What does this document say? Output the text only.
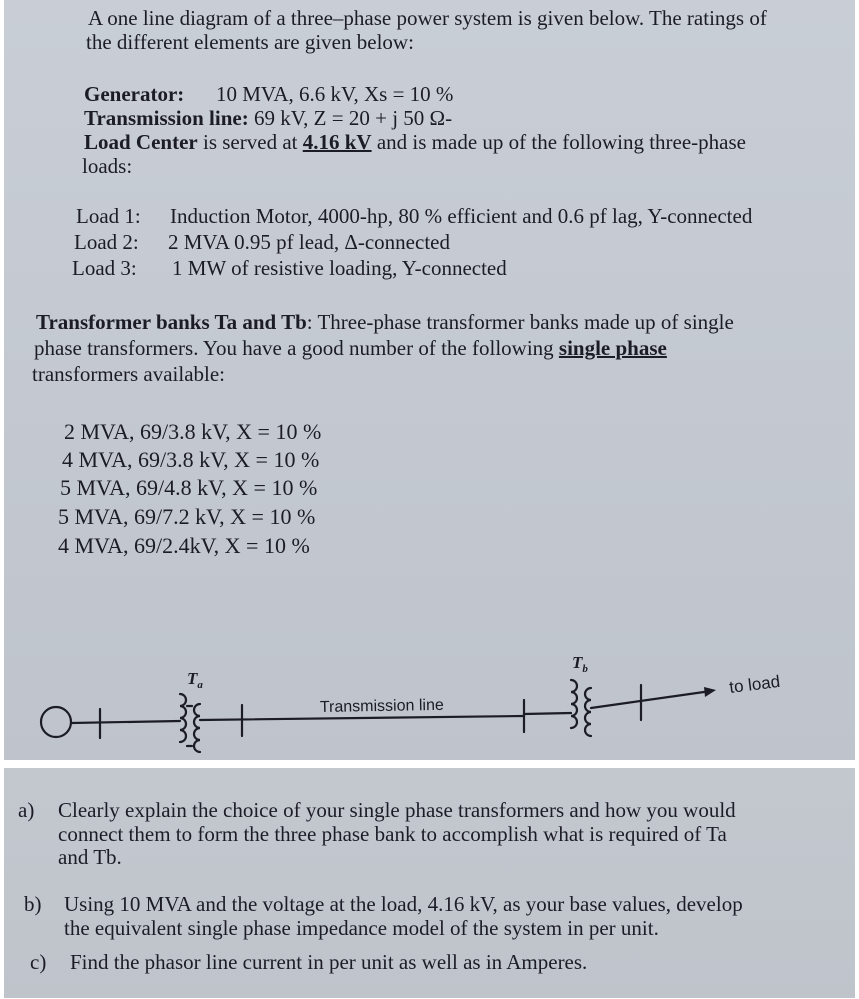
A one line diagram of a three–phase power system is given below. The ratings of
the different elements are given below:
Generator: 10 MVA, 6.6 kV, Xs = 10 %
Transmission line: 69 kV, Z = 20 + j 50 Ω-
Load Center is served at 4.16 kV and is made up of the following three-phase
loads:
Load 1: Induction Motor, 4000-hp, 80 % efficient and 0.6 pf lag, Y-connected
Load 2: 2 MVA 0.95 pf lead, Δ-connected
Load 3: 1 MW of resistive loading, Y-connected
Transformer banks Ta and Tb: Three-phase transformer banks made up of single
phase transformers. You have a good number of the following single phase
transformers available:
2 MVA, 69/3.8 kV, X = 10 %
4 MVA, 69/3.8 kV, X = 10 %
5 MVA, 69/4.8 kV, X = 10 %
5 MVA, 69/7.2 kV, X = 10 %
4 MVA, 69/2.4kV, X = 10 %
$T_a$
$T_b$
Transmission line
to load
a) Clearly explain the choice of your single phase transformers and how you would
connect them to form the three phase bank to accomplish what is required of Ta
and Tb.
b) Using 10 MVA and the voltage at the load, 4.16 kV, as your base values, develop
the equivalent single phase impedance model of the system in per unit.
c) Find the phasor line current in per unit as well as in Amperes.
